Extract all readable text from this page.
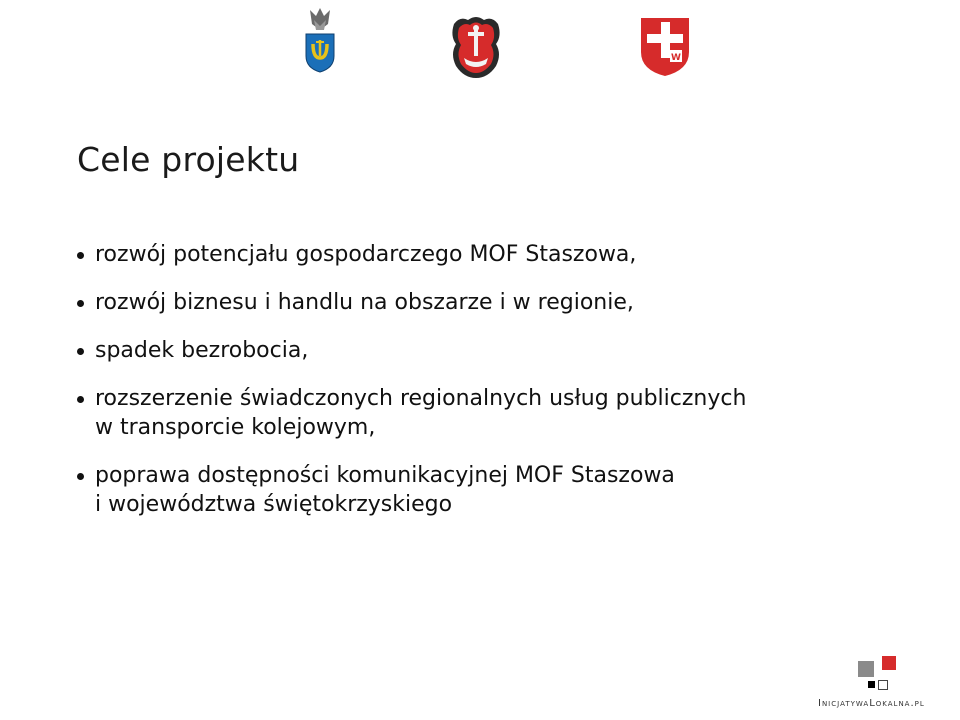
W
Cele projektu
rozwój potencjału gospodarczego MOF Staszowa,
rozwój biznesu i handlu na obszarze i w regionie,
spadek bezrobocia,
rozszerzenie świadczonych regionalnych usług publicznych
w transporcie kolejowym,
poprawa dostępności komunikacyjnej MOF Staszowa
i województwa świętokrzyskiego
InicjatywaLokalna.pl
